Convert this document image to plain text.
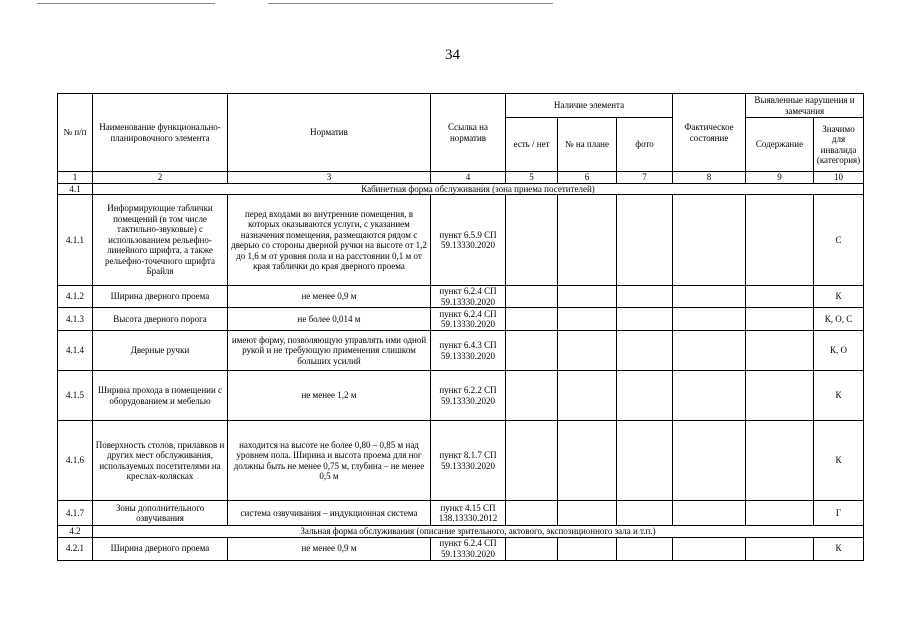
34
№ п/п	Наименование функционально-планировочного элемента	Норматив	Ссылка на норматив	Наличие элемента			Фактическое состояние	Выявленные нарушения и замечания	
				есть / нет	№ на плане	фото		Содержание	Значимо для инвалида (категория)
1	2	3	4	5	6	7	8	9	10
4.1	Кабинетная форма обслуживания (зона приема посетителей)								
4.1.1	Информирующие таблички помещений (в том числе тактильно-звуковые) с использованием рельефно-линейного шрифта, а также рельефно-точечного шрифта Брайля	перед входами во внутренние помещения, в которых оказываются услуги, с указанием назначения помещения, размещаются рядом с дверью со стороны дверной ручки на высоте от 1,2 до 1,6 м от уровня пола и на расстоянии 0,1 м от края таблички до края дверного проема	пункт 6.5.9 СП 59.13330.2020						С
4.1.2	Ширина дверного проема	не менее 0,9 м	пункт 6.2.4 СП 59.13330.2020						К
4.1.3	Высота дверного порога	не более 0,014 м	пункт 6.2.4 СП 59.13330.2020						К, О, С
4.1.4	Дверные ручки	имеют форму, позволяющую управлять ими одной рукой и не требующую применения слишком больших усилий	пункт 6.4.3 СП 59.13330.2020						К, О
4.1.5	Ширина прохода в помещении с оборудованием и мебелью	не менее 1,2 м	пункт 6.2.2 СП 59.13330.2020						К
4.1.6	Поверхность столов, прилавков и других мест обслуживания, используемых посетителями на креслах-колясках	находится на высоте не более 0,80 – 0,85 м над уровнем пола. Ширина и высота проема для ног должны быть не менее 0,75 м, глубина – не менее 0,5 м	пункт 8.1.7 СП 59.13330.2020						К
4.1.7	Зоны дополнительного озвучивания	система озвучивания – индукционная система	пункт 4.15 СП 138.13330.2012						Г
4.2	Зальная форма обслуживания (описание зрительного, актового, экспозиционного зала и т.п.)								
4.2.1	Ширина дверного проема	не менее 0,9 м	пункт 6.2.4 СП 59.13330.2020						К
